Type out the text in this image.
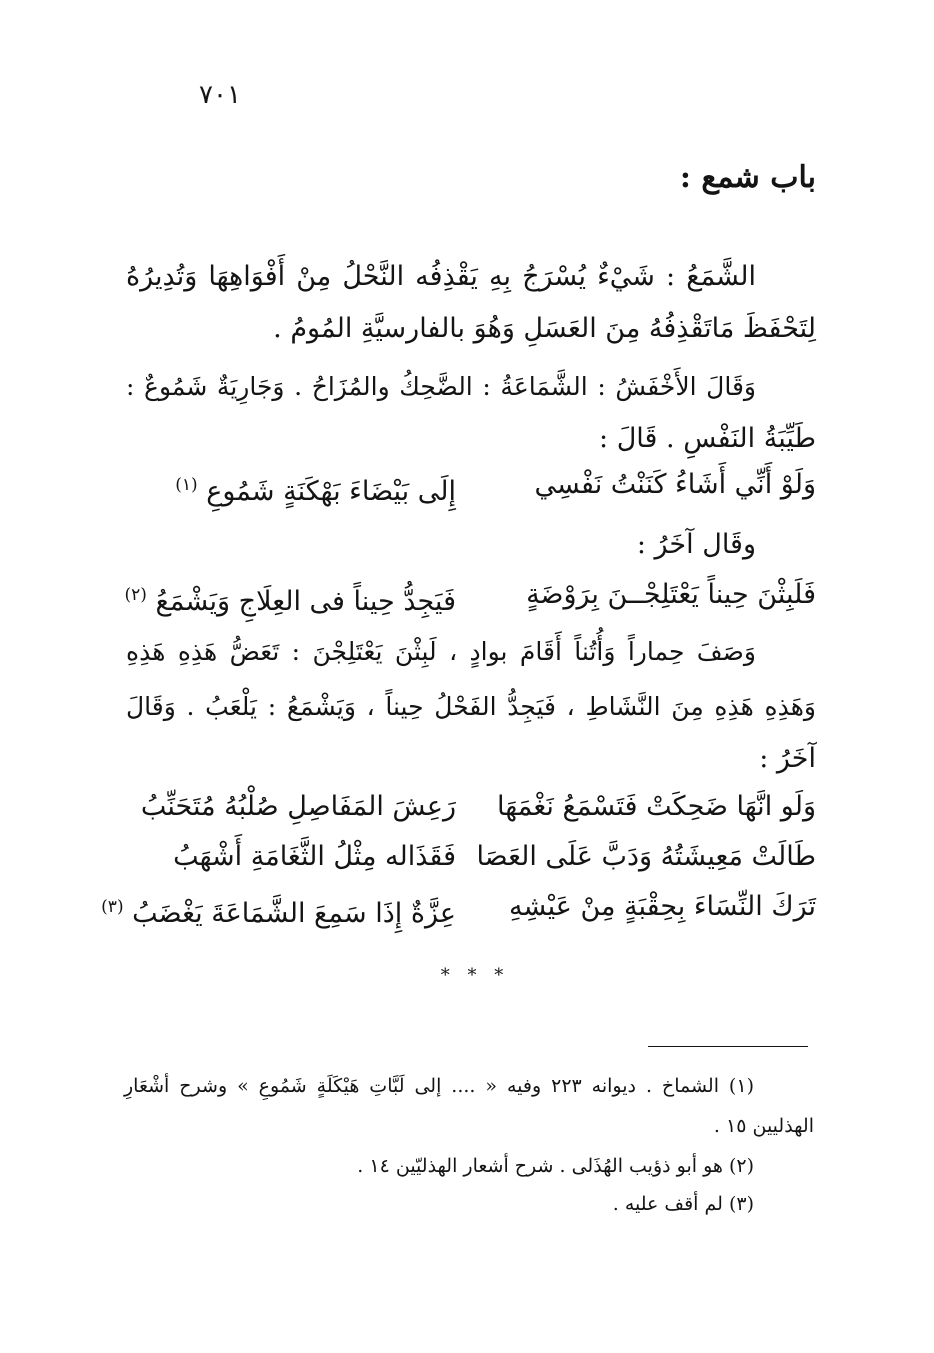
٧٠١
باب شمع :
الشَّمَعُ : شَيْءٌ يُسْرَجُ بِهِ يَقْذِفُه النَّحْلُ مِنْ أَفْوَاهِهَا وَتُدِيرُهُ
لِتَحْفَظَ مَاتَقْذِفُهُ مِنَ العَسَلِ وَهُوَ بالفارسيَّةِ المُومُ .
وَقَالَ الأَخْفَشُ : الشَّمَاعَةُ : الضَّحِكُ والمُزَاحُ . وَجَارِيَةٌ شَمُوعٌ :
طَيِّبَةُ النَفْسِ . قَالَ :
وَلَوْ أَنِّي أَشَاءُ كَنَنْتُ نَفْسِي
إِلَى بَيْضَاءَ بَهْكَنَةٍ شَمُوعِ $^{(١)}$
وقَال آخَرُ :
فَلَبِثْنَ حِيناً يَعْتَلِجْــنَ بِرَوْضَةٍ
فَيَجِدُّ حِيناً فى العِلَاجِ وَيَشْمَعُ $^{(٢)}$
وَصَفَ حِماراً وَأُتُناً أَقَامَ بوادٍ ، لَبِثْنَ يَعْتَلِجْنَ : تَعَضُّ هَذِهِ هَذِهِ
وَهَذِهِ هَذِهِ مِنَ النَّشَاطِ ، فَيَجِدُّ الفَحْلُ حِيناً ، وَيَشْمَعُ : يَلْعَبُ . وَقَالَ
آخَرُ :
وَلَو انَّهَا ضَحِكَتْ فَتَسْمَعُ نَغْمَهَا
رَعِشَ المَفَاصِلِ صُلْبُهُ مُتَحَنِّبُ
طَالَتْ مَعِيشَتُهُ وَدَبَّ عَلَى العَصَا
فَقَذَاله مِثْلُ الثَّغَامَةِ أَشْهَبُ
تَرَكَ النِّسَاءَ بِحِقْبَةٍ مِنْ عَيْشِهِ
عِزَّةٌ إِذَا سَمِعَ الشَّمَاعَةَ يَغْضَبُ $^{(٣)}$
* * *
(١) الشماخ . ديوانه ٢٢٣ وفيه « .... إلى لَبَّاتِ هَيْكَلَةٍ شَمُوعِ » وشرح أشْعَارِ
الهذليين ١٥ .
(٢) هو أبو ذؤيب الهُذَلى . شرح أشعار الهذليّين ١٤ .
(٣) لم أقف عليه .
